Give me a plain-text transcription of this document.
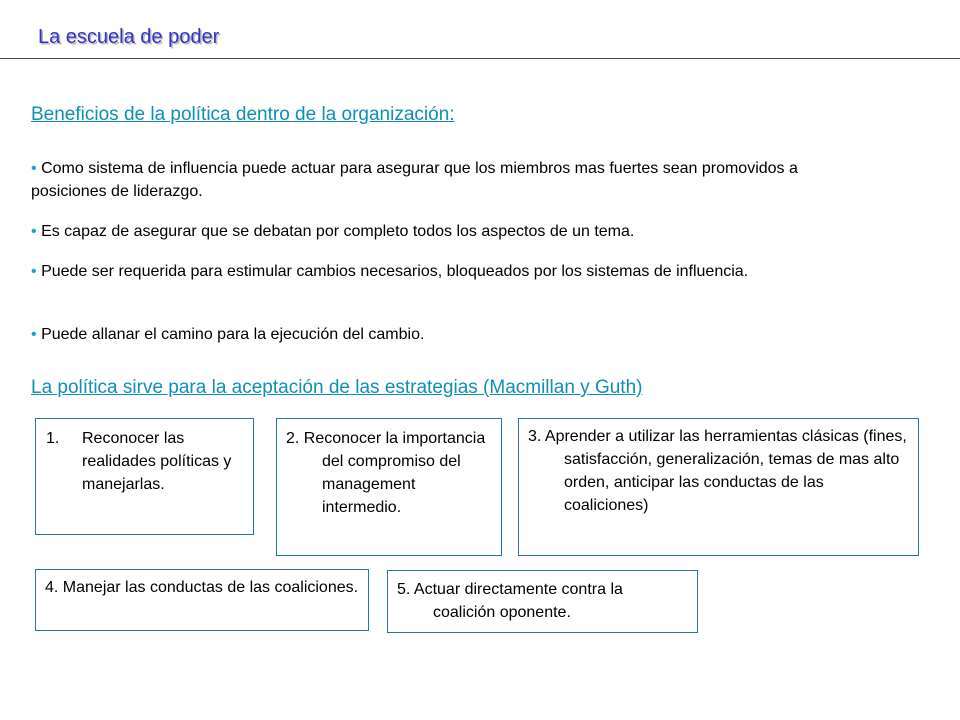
La escuela de poder
Beneficios de la política dentro de la organización:
• Como sistema de influencia puede actuar para asegurar que los miembros mas fuertes sean promovidos a posiciones de liderazgo.
• Es capaz de asegurar que se debatan por completo todos los aspectos de un tema.
• Puede ser requerida para estimular cambios necesarios, bloqueados por los sistemas de influencia.
• Puede allanar el camino para la ejecución del cambio.
La política sirve para la aceptación de las estrategias (Macmillan y Guth)
1. Reconocer las realidades políticas y manejarlas.
2. Reconocer la importancia del compromiso del management intermedio.
3. Aprender a utilizar las herramientas clásicas (fines, satisfacción, generalización, temas de mas alto orden, anticipar las conductas de las coaliciones)
4. Manejar las conductas de las coaliciones. 5. Actuar directamente contra la coalición oponente.
